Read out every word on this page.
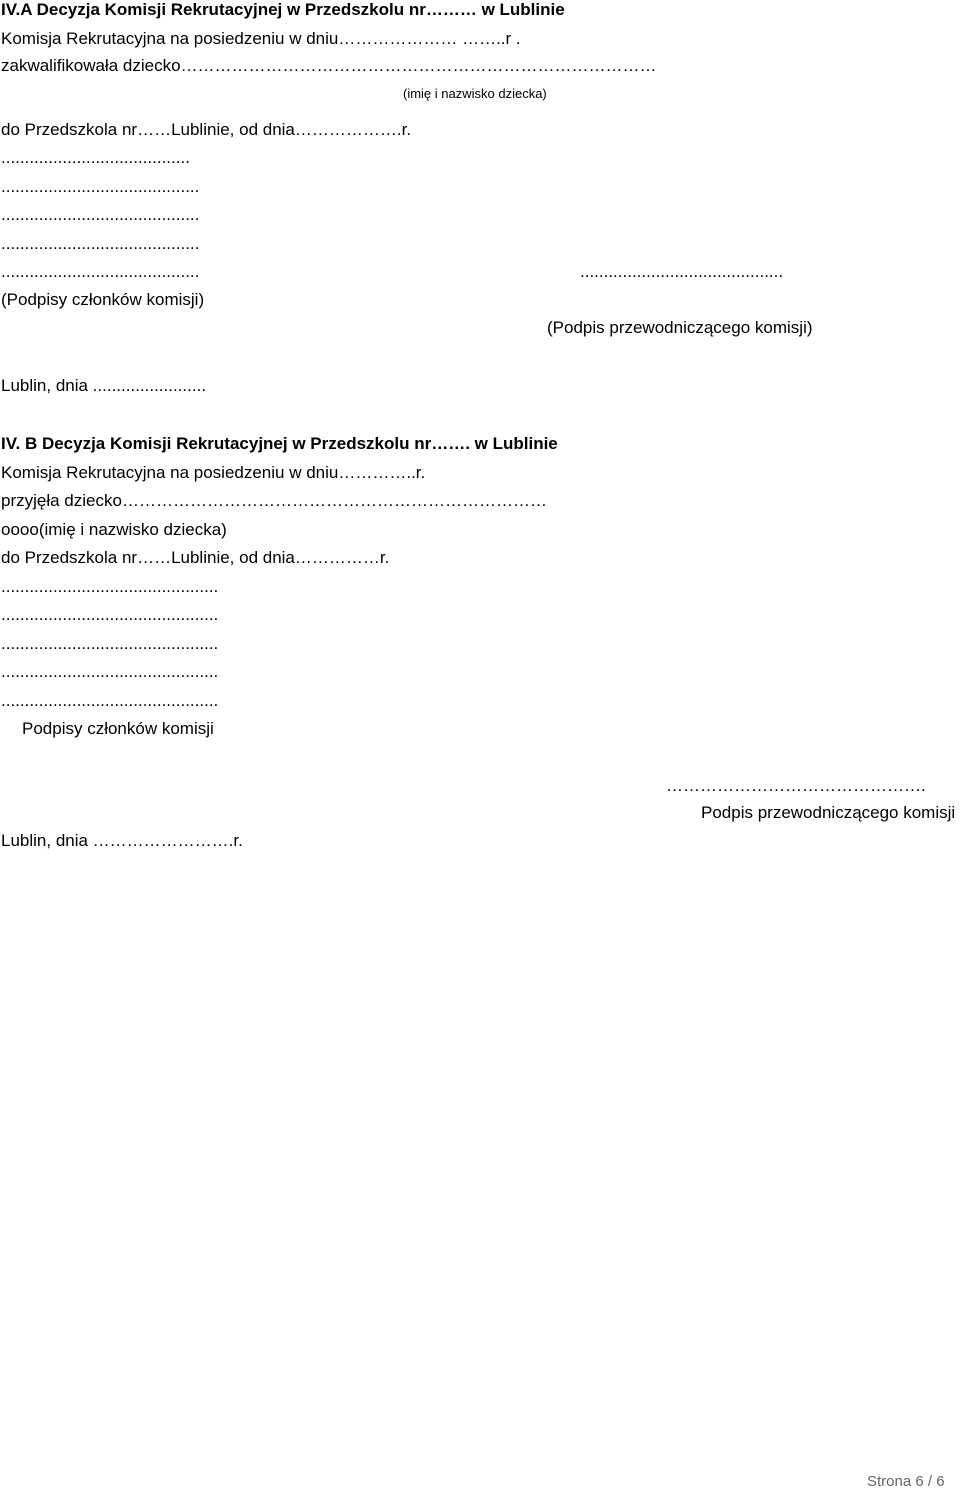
IV.A Decyzja Komisji Rekrutacyjnej w Przedszkolu nr……… w Lublinie
Komisja Rekrutacyjna na posiedzeniu w dniu………………… ……..r .
zakwalifikowała dziecko…………………………………………………………………………
(imię i nazwisko dziecka)
do Przedszkola nr……Lublinie, od dnia……………….r.
........................................
..........................................
..........................................
..........................................
..........................................	...........................................
(Podpisy członków komisji)
(Podpis przewodniczącego komisji)
Lublin, dnia ........................
IV. B Decyzja Komisji Rekrutacyjnej w Przedszkolu nr……. w Lublinie
Komisja Rekrutacyjna na posiedzeniu w dniu…………..r.
przyjęła dziecko…………………………………………………………………
oooo(imię i nazwisko dziecka)
do Przedszkola nr……Lublinie, od dnia……………r.
..............................................
..............................................
..............................................
..............................................
..............................................
Podpisy członków komisji
……………………………………….
Podpis przewodniczącego komisji
Lublin, dnia …………………….r.
Strona 6 / 6
